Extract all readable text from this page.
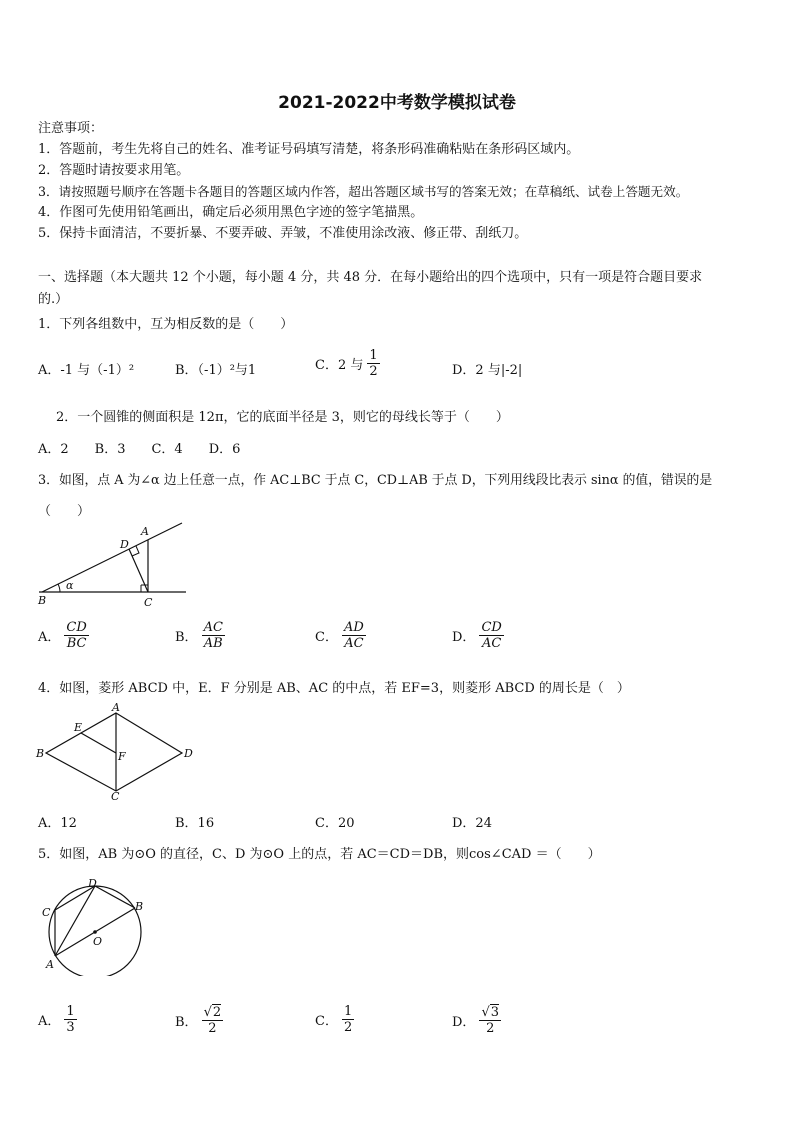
2021-2022中考数学模拟试卷
注意事项：
1．答题前，考生先将自己的姓名、准考证号码填写清楚，将条形码准确粘贴在条形码区域内。
2．答题时请按要求用笔。
3．请按照题号顺序在答题卡各题目的答题区域内作答，超出答题区域书写的答案无效；在草稿纸、试卷上答题无效。
4．作图可先使用铅笔画出，确定后必须用黑色字迹的签字笔描黑。
5．保持卡面清洁，不要折暴、不要弄破、弄皱，不准使用涂改液、修正带、刮纸刀。
一、选择题（本大题共 12 个小题，每小题 4 分，共 48 分．在每小题给出的四个选项中，只有一项是符合题目要求
的.）
1．下列各组数中，互为相反数的是（　　）
A．-1 与（-1）²	B．（-1）²与1	C．2 与 $\frac{1}{2}$	D．2 与|-2|
2．一个圆锥的侧面积是 12π，它的底面半径是 3，则它的母线长等于（　　）
A．2　　B．3　　C．4　　D．6
3．如图，点 A 为∠α 边上任意一点，作 AC⊥BC 于点 C，CD⊥AB 于点 D，下列用线段比表示 sinα 的值，错误的是
（　　）
A
D
B	C
α
A． $\frac{CD}{BC}$	B． $\frac{AC}{AB}$	C． $\frac{AD}{AC}$	D． $\frac{CD}{AC}$
4．如图，菱形 ABCD 中，E．F 分别是 AB、AC 的中点，若 EF=3，则菱形 ABCD 的周长是（　）
A
E
B	F	D
C
A．12	B．16	C．20	D．24
5．如图，AB 为⊙O 的直径，C、D 为⊙O 上的点，若 AC＝CD＝DB，则cos∠CAD ＝（　　）
D
C	B
O
A
A． $\frac{1}{3}$	B． $\frac{√2}{2}$	C． $\frac{1}{2}$	D． $\frac{√3}{2}$
